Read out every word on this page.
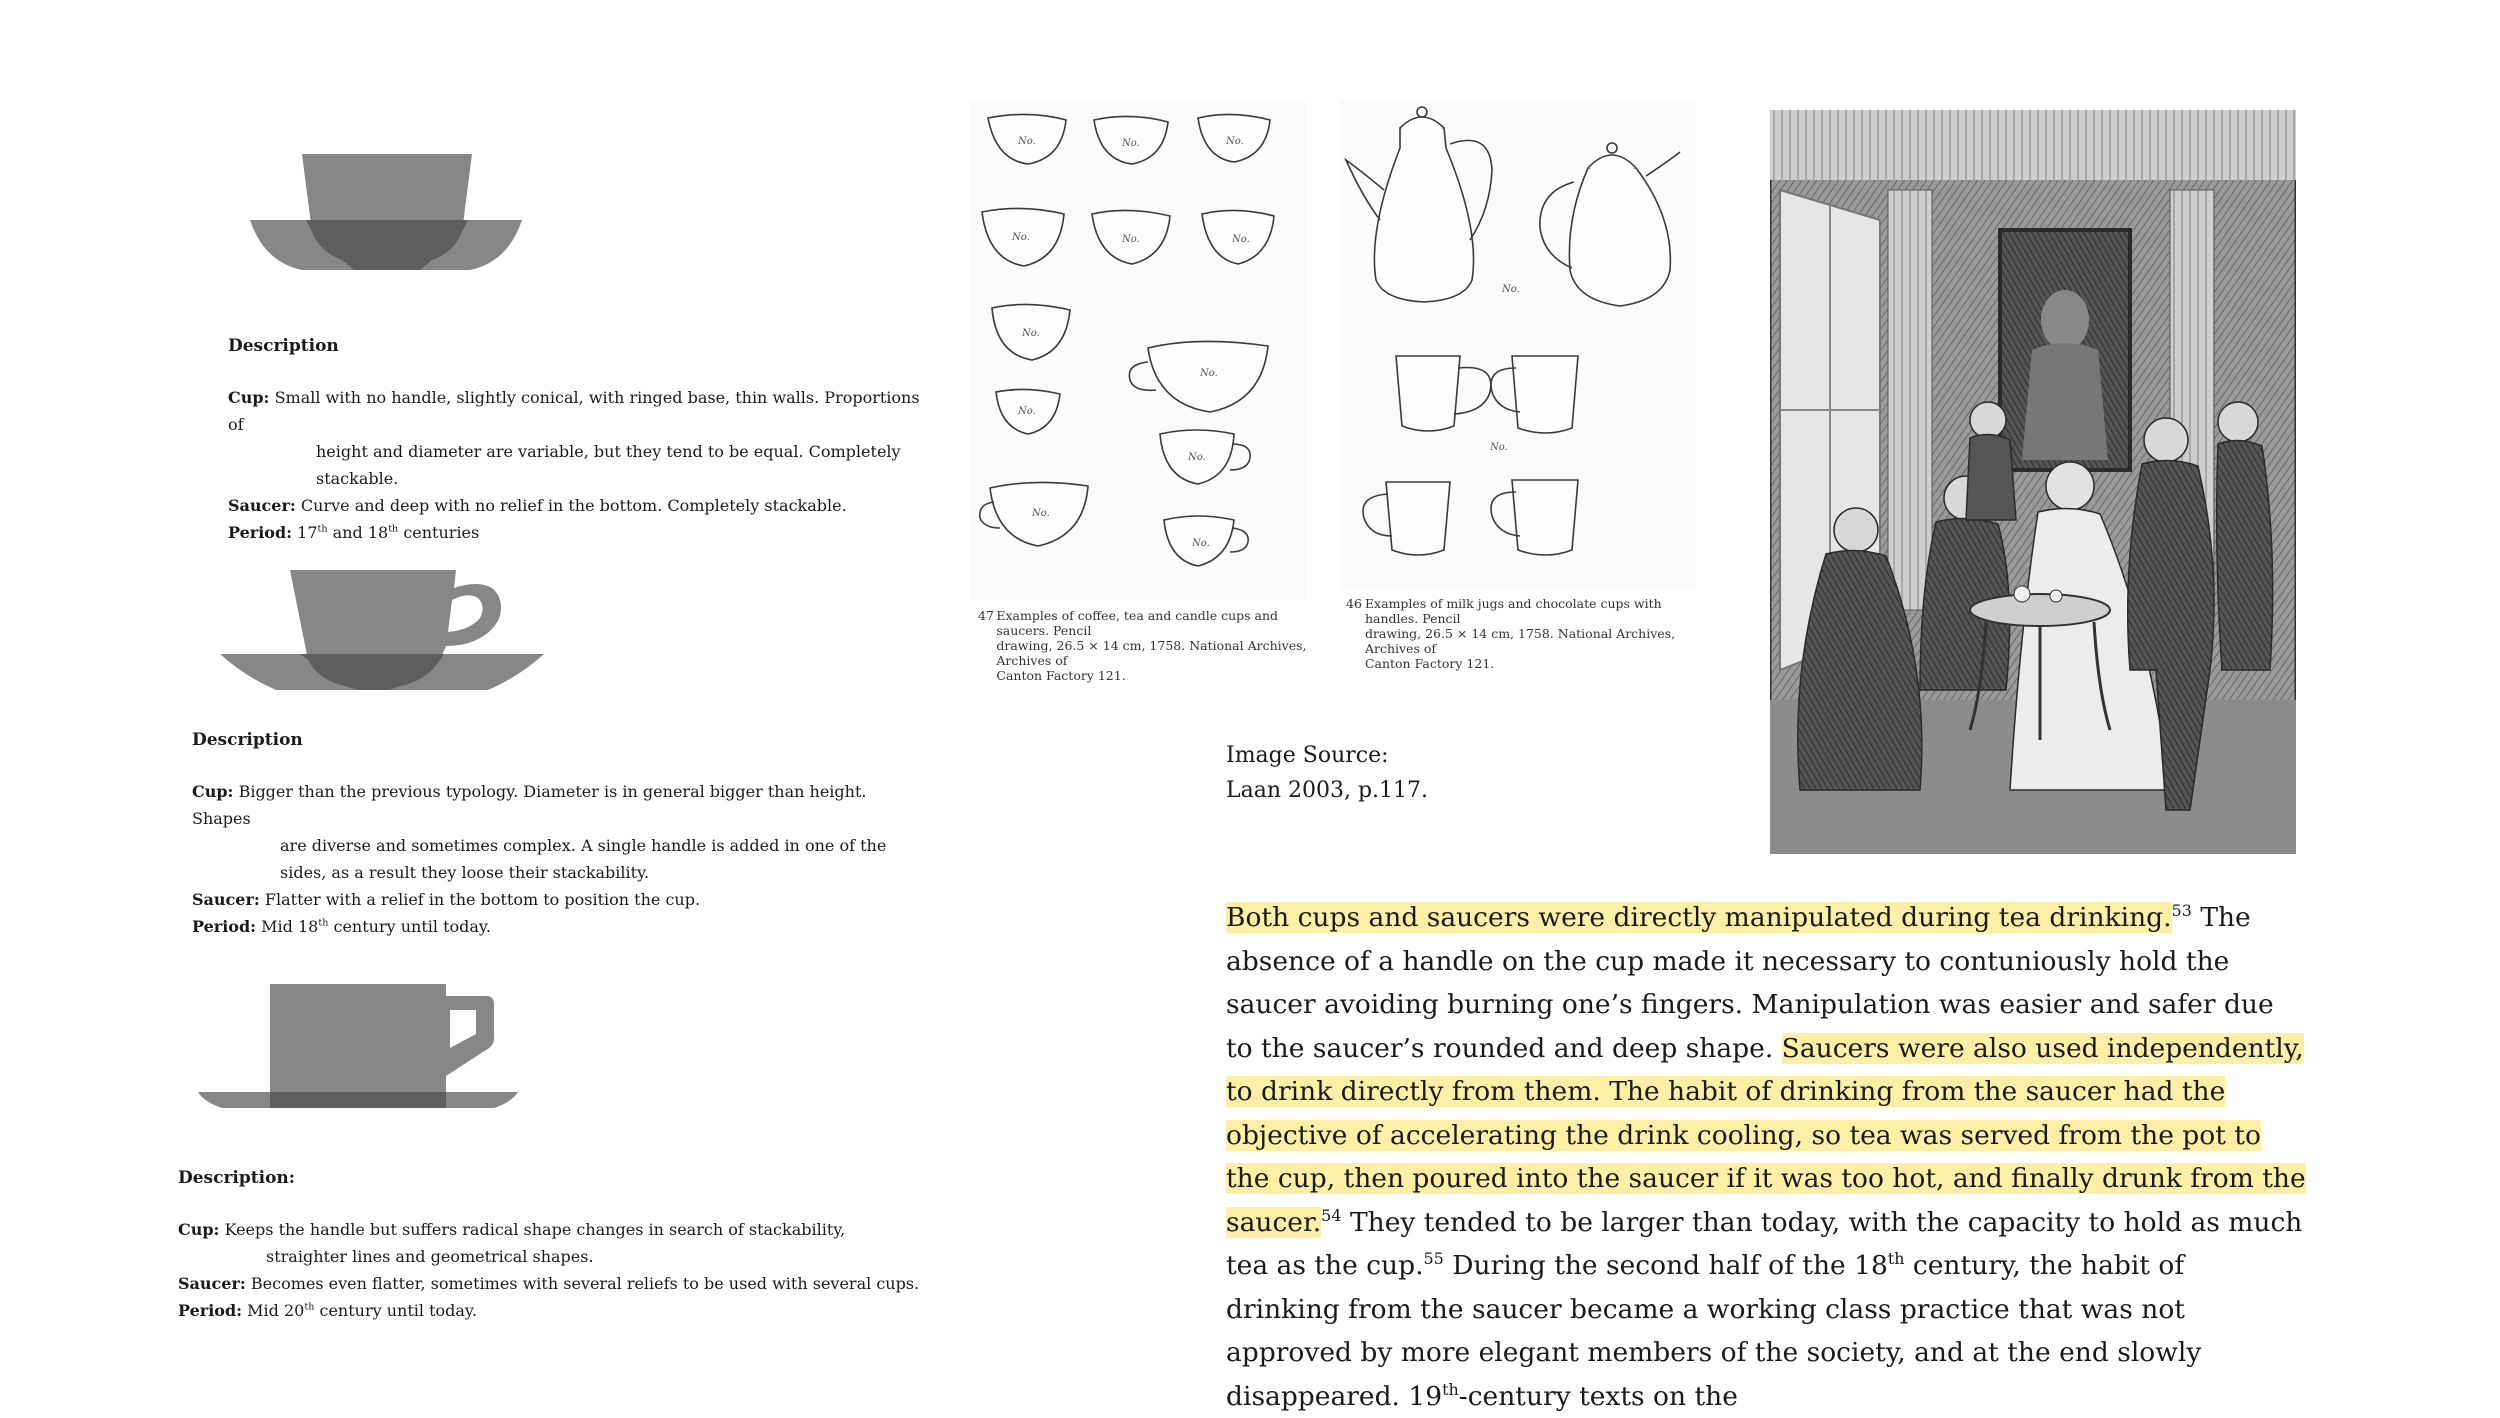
Description

Cup: Small with no handle, slightly conical, with ringed base, thin walls. Proportions of

height and diameter are variable, but they tend to be equal. Completely

stackable.

Saucer: Curve and deep with no relief in the bottom. Completely stackable.

Period: 17th and 18th centuries

Description

Cup: Bigger than the previous typology. Diameter is in general bigger than height. Shapes

are diverse and sometimes complex. A single handle is added in one of the

sides, as a result they loose their stackability.

Saucer: Flatter with a relief in the bottom to position the cup.

Period: Mid 18th century until today.

Description:

Cup: Keeps the handle but suffers radical shape changes in search of stackability,

straighter lines and geometrical shapes.

Saucer: Becomes even flatter, sometimes with several reliefs to be used with several cups.

Period: Mid 20th century until today.

No.	No.	No.
No.	No.	No.
No.
No.
No.
No.
No.
No.
47 Examples of coffee, tea and candle cups and saucers. Pencil
drawing, 26.5 × 14 cm, 1758. National Archives, Archives of
Canton Factory 121.
No.
No.
46 Examples of milk jugs and chocolate cups with handles. Pencil
drawing, 26.5 × 14 cm, 1758. National Archives, Archives of
Canton Factory 121.
Image Source:
Laan 2003, p.117.
Both cups and saucers were directly manipulated during tea drinking.$^{53}$ The absence of a handle on the cup made it necessary to contuniously hold the saucer avoiding burning one’s fingers. Manipulation was easier and safer due to the saucer’s rounded and deep shape. Saucers were also used independently, to drink directly from them. The habit of drinking from the saucer had the objective of accelerating the drink cooling, so tea was served from the pot to the cup, then poured into the saucer if it was too hot, and finally drunk from the saucer.$^{54}$ They tended to be larger than today, with the capacity to hold as much tea as the cup.$^{55}$ During the second half of the 18th century, the habit of drinking from the saucer became a working class practice that was not approved by more elegant members of the society, and at the end slowly disappeared. 19th-century texts on the
